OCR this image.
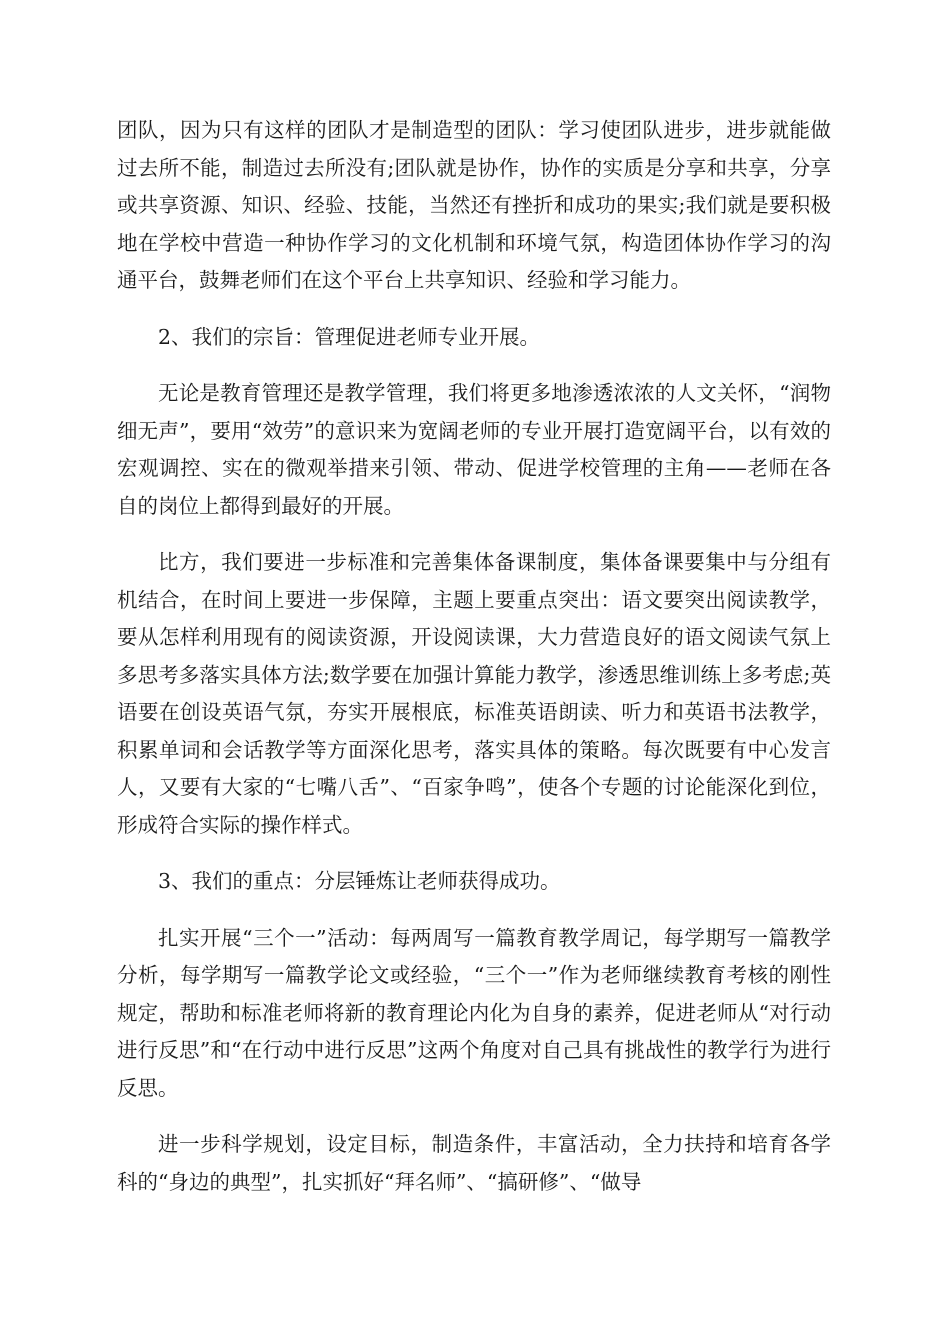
团队，因为只有这样的团队才是制造型的团队：学习使团队进步，进步就能做过去所不能，制造过去所没有;团队就是协作，协作的实质是分享和共享，分享或共享资源、知识、经验、技能，当然还有挫折和成功的果实;我们就是要积极地在学校中营造一种协作学习的文化机制和环境气氛，构造团体协作学习的沟通平台，鼓舞老师们在这个平台上共享知识、经验和学习能力。

2、我们的宗旨：管理促进老师专业开展。

无论是教育管理还是教学管理，我们将更多地渗透浓浓的人文关怀，“润物细无声”，要用“效劳”的意识来为宽阔老师的专业开展打造宽阔平台，以有效的宏观调控、实在的微观举措来引领、带动、促进学校管理的主角——老师在各自的岗位上都得到最好的开展。

比方，我们要进一步标准和完善集体备课制度，集体备课要集中与分组有机结合，在时间上要进一步保障，主题上要重点突出：语文要突出阅读教学，要从怎样利用现有的阅读资源，开设阅读课，大力营造良好的语文阅读气氛上多思考多落实具体方法;数学要在加强计算能力教学，渗透思维训练上多考虑;英语要在创设英语气氛，夯实开展根底，标准英语朗读、听力和英语书法教学，积累单词和会话教学等方面深化思考，落实具体的策略。每次既要有中心发言人，又要有大家的“七嘴八舌”、“百家争鸣”，使各个专题的讨论能深化到位，形成符合实际的操作样式。

3、我们的重点：分层锤炼让老师获得成功。

扎实开展“三个一”活动：每两周写一篇教育教学周记，每学期写一篇教学分析，每学期写一篇教学论文或经验，“三个一”作为老师继续教育考核的刚性规定，帮助和标准老师将新的教育理论内化为自身的素养，促进老师从“对行动进行反思”和“在行动中进行反思”这两个角度对自己具有挑战性的教学行为进行反思。

进一步科学规划，设定目标，制造条件，丰富活动，全力扶持和培育各学科的“身边的典型”，扎实抓好“拜名师”、“搞研修”、“做导
